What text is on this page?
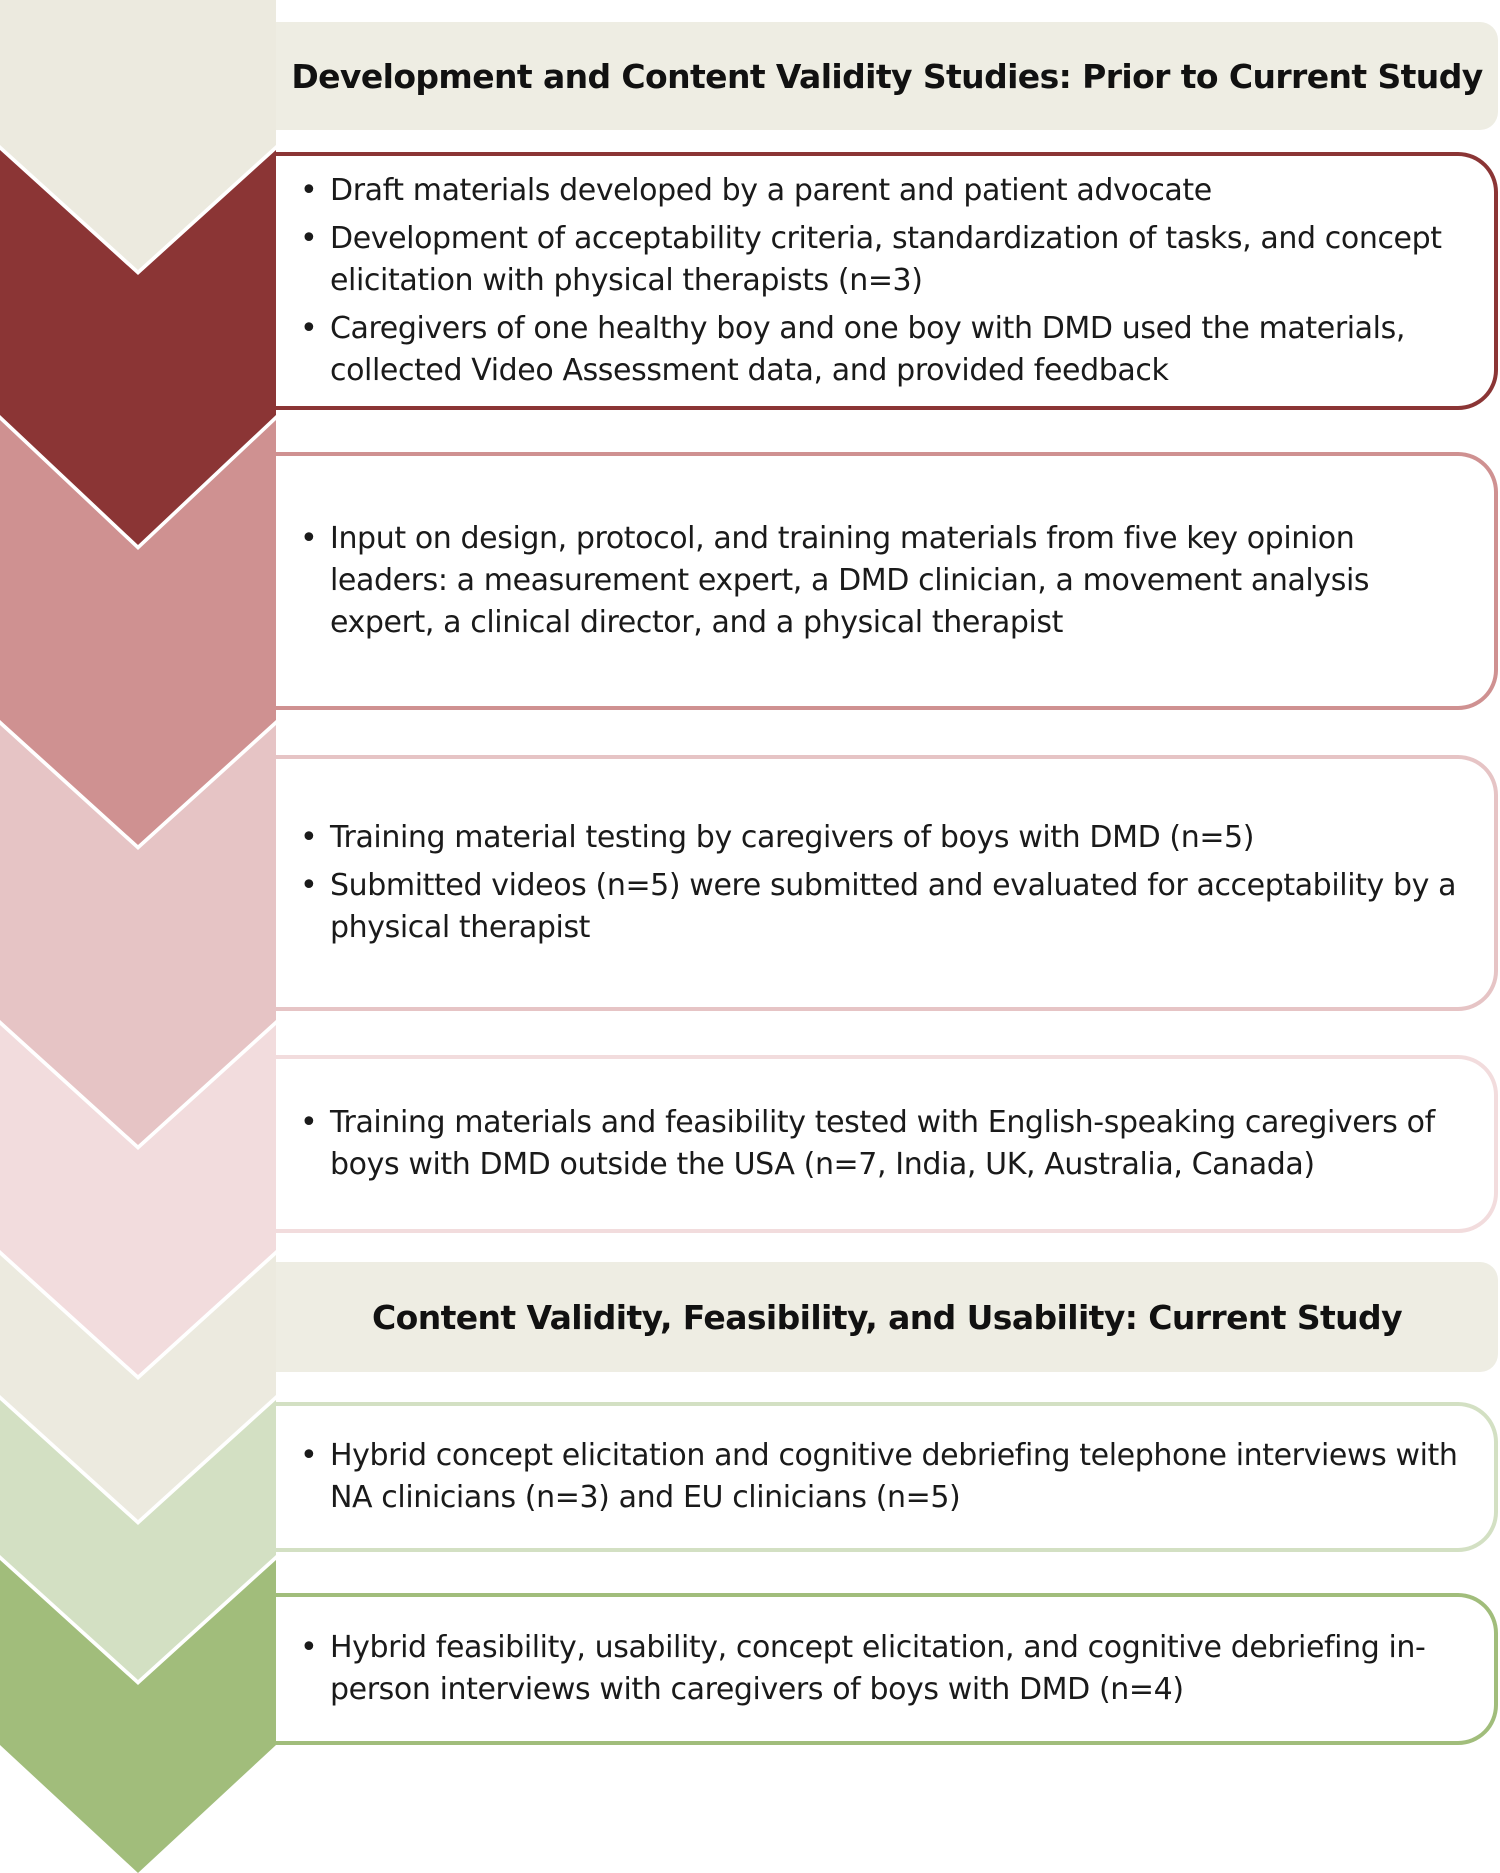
Development and Content Validity Studies: Prior to Current Study
• Draft materials developed by a parent and patient advocate
• Development of acceptability criteria, standardization of tasks, and concept elicitation with physical therapists (n=3)
• Caregivers of one healthy boy and one boy with DMD used the materials, collected Video Assessment data, and provided feedback
• Input on design, protocol, and training materials from five key opinion leaders: a measurement expert, a DMD clinician, a movement analysis expert, a clinical director, and a physical therapist
• Training material testing by caregivers of boys with DMD (n=5)
• Submitted videos (n=5) were submitted and evaluated for acceptability by a physical therapist
• Training materials and feasibility tested with English-speaking caregivers of boys with DMD outside the USA (n=7, India, UK, Australia, Canada)
Content Validity, Feasibility, and Usability: Current Study
• Hybrid concept elicitation and cognitive debriefing telephone interviews with NA clinicians (n=3) and EU clinicians (n=5)
• Hybrid feasibility, usability, concept elicitation, and cognitive debriefing in-person interviews with caregivers of boys with DMD (n=4)
